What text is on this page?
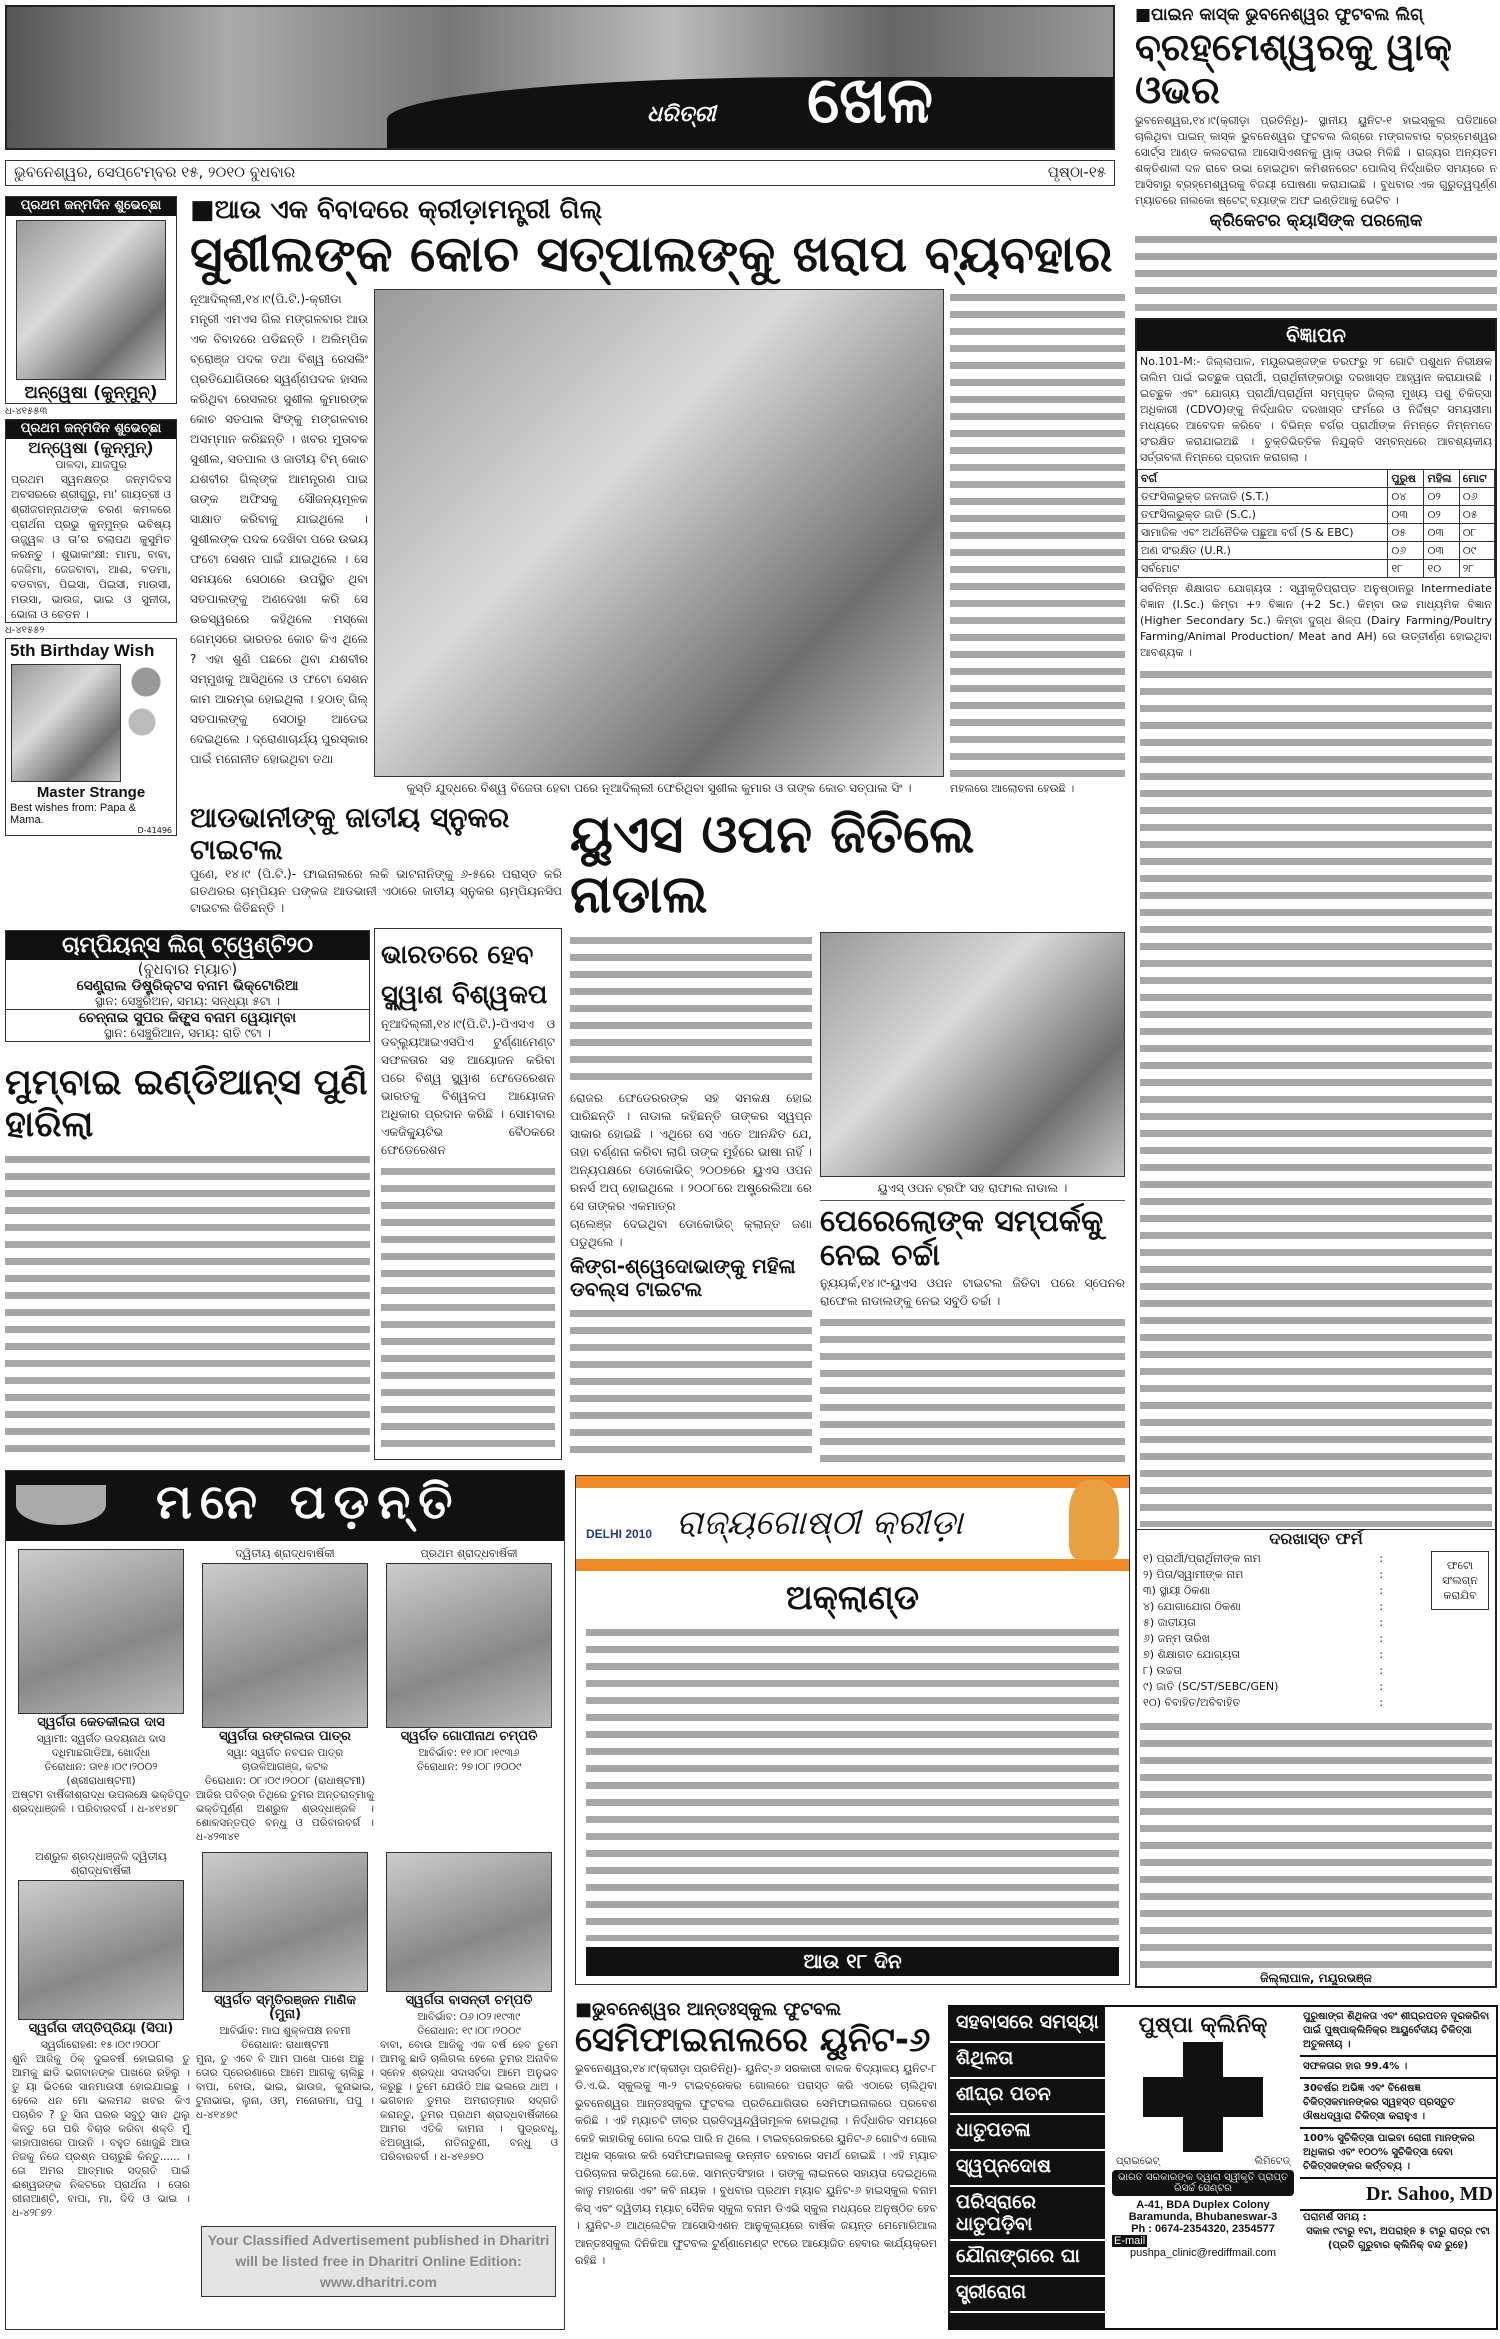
ଧରିତ୍ରୀ ଖେଳ
ଭୁବନେଶ୍ୱର, ସେପ୍ଟେମ୍ବର ୧୫, ୨୦୧୦ ବୁଧବାର	ପୃଷ୍ଠା-୧୫
ପ୍ରଥମ ଜନ୍ମଦିନ ଶୁଭେଚ୍ଛା
ଅନ୍ୱେଷା (କୁନ୍‌ମୁନ୍)
ଧ-୪୧୫୫୩
ପ୍ରଥମ ଜନ୍ମଦିନ ଶୁଭେଚ୍ଛା
ଅନ୍ୱେଷା (କୁନ୍‌ମୁନ୍)
ପାଳଦା, ଯାଜପୁର
ପ୍ରଥମ ସ୍ୱନକ୍ଷତ୍ର ଜନ୍ମଦିବସ ଅବସରରେ ଶ୍ରୀଗୁରୁ, ମା’ ଗାୟତ୍ରୀ ଓ ଶ୍ରୀଜଗନ୍ନାଥଙ୍କ ଚରଣ କମଳରେ ପ୍ରାର୍ଥନା ପ୍ରଭୁ କୁନ୍‌ମୁନ୍‌ର ଭବିଷ୍ୟ ଉଜ୍ଜ୍ୱଳ ଓ ତା’ର ଚଲାପଥ କୁସୁମିତ କରନ୍ତୁ । ଶୁଭାକାଂକ୍ଷୀ: ମାମା, ବାବା, ଜେଜିମା, ଜେଜବାବା, ଆଈ, ବଡମା, ବଡବାବା, ପିଇସା, ପିଇସୀ, ମାଉସୀ, ମଉସା, ଭାଉଜ, ଭାଇ ଓ ସୁନୀତା, ଭୋଳା ଓ ଚେତନ ।
ଧ-୪୧୫୫୨
5th Birthday Wish
Master Strange
Best wishes from: Papa & Mama.
D-41496
■ଆଉ ଏକ ବିବାଦରେ କ୍ରୀଡ଼ାମନ୍ତ୍ରୀ ଗିଲ୍
ସୁଶୀଲଙ୍କ କୋଚ ସତ୍‌ପାଲଙ୍କୁ ଖରାପ ବ୍ୟବହାର
ନୂଆଦିଲ୍ଲୀ,୧୪।୯(ପି.ଟି.)-କ୍ରୀଡା ମନ୍ତ୍ରୀ ଏମଏସ ଗିଲ ମଙ୍ଗଳବାର ଆଉ ଏକ ବିବାଦରେ ପଡିଛନ୍ତି । ଅଲିମ୍ପିକ ବ୍ରୋଞ୍ଜ ପଦକ ତଥା ବିଶ୍ୱ ରେସଲିଂ ପ୍ରତିଯୋଗିତାରେ ସ୍ୱର୍ଣ୍ଣପଦକ ହାସଲ କରିଥିବା ରେସଲର ସୁଶୀଲ କୁମାରଙ୍କ କୋଚ ସତପାଲ ସିଂଙ୍କୁ ମଙ୍ଗଳବାର ଅସମ୍ମାନ କରିଛନ୍ତି । ଖବର ମୁତାବକ ସୁଶୀଲ, ସତପାଲ ଓ ଜାତୀୟ ଟିମ୍ କୋଚ ଯଶବୀର ଗିଲ୍‌ଙ୍କ ଆମନ୍ତ୍ରଣ ପାଇ ତାଙ୍କ ଅଫିସକୁ ସୌଜନ୍ୟମୂଳକ ସାକ୍ଷାତ କରିବାକୁ ଯାଇଥିଲେ । ସୁଶୀଲଙ୍କ ପଦକ ଦେଖିବା ପରେ ଉଭୟ ଫଟୋ ସେଶନ ପାଇଁ ଯାଇଥିଲେ । ସେ ସମୟରେ ସେଠାରେ ଉପସ୍ଥିତ ଥିବା ସତପାଲଙ୍କୁ ଅଣଦେଖା କରି ସେ ଉଚ୍ଚସ୍ୱରରେ କହିଥିଲେ ମସ୍କୋ ଗେମ୍ସରେ ଭାରତର କୋଚ କିଏ ଥିଲେ ? ଏହା ଶୁଣି ପଛରେ ଥିବା ଯଶବୀର ସମ୍ମୁଖକୁ ଆସିଥିଲେ ଓ ଫଟୋ ସେଶନ କାମ ଆରମ୍ଭ ହୋଇଥିଲା । ହଠାତ୍ ଗିଲ୍ ସତପାଲଙ୍କୁ ସେଠାରୁ ଆଡେଇ ଦେଇଥିଲେ । ଦ୍ରୋଣାଚାର୍ଯ୍ୟ ପୁରସ୍କାର ପାଇଁ ମନୋନୀତ ହୋଇଥିବା ତଥା
କୁସ୍ତି ଯୁଦ୍ଧରେ ବିଶ୍ୱ ବିଜେତା ହେବା ପରେ ନୂଆଦିଲ୍ଲୀ ଫେରିଥିବା ସୁଶୀଲ କୁମାର ଓ ତାଙ୍କ କୋଚ ସତ୍‌ପାଲ ସିଂ ।	ମହଲରେ ଆଲୋଚନା ହେଉଛି ।
ଆଡଭାନୀଙ୍କୁ ଜାତୀୟ ସ୍ନୁକର ଟାଇଟଲ
ପୁଣେ, ୧୪।୯ (ପି.ଟି.)- ଫାଇନାଲରେ ଲକି ଭାଟନାନିଙ୍କୁ ୬-୫ରେ ପରାସ୍ତ କରି ଗତଥରର ଚାମ୍ପିୟନ ପଙ୍କଜ ଆଡଭାନୀ ଏଠାରେ ଜାତୀୟ ସ୍ନୁକର ଚାମ୍ପିୟନସିପ ଟାଇଟଲ ଜିତିଛନ୍ତି ।
ୟୁଏସ ଓପନ ଜିତିଲେ ନାଡାଲ
ରୋଜର ଫେଡେରରଙ୍କ ସହ ସମକକ୍ଷ ହୋଇ ପାରିଛନ୍ତି । ନାଡାଲ କହିଛନ୍ତି ତାଙ୍କର ସ୍ୱପ୍ନ ସାକାର ହୋଇଛି । ଏଥିରେ ସେ ଏତେ ଆନନ୍ଦିତ ଯେ, ତାହା ବର୍ଣ୍ଣନା କରିବା ଲାଗି ତାଙ୍କ ମୁହଁରେ ଭାଷା ନାହିଁ । ଅନ୍ୟପକ୍ଷରେ ଡୋକୋଭିଚ୍ ୨୦୦୭ରେ ୟୁଏସ ଓପନ ରନର୍ସ ଅପ୍ ହୋଇଥିଲେ । ୨୦୦୮ରେ ଅଷ୍ଟ୍ରେଲିଆ ରେ ସେ ତାଙ୍କର ଏକମାତ୍ର
ଚାଲେଞ୍ଜ ଦେଇଥିବା ଡୋକୋଭିଚ୍ କ୍ଲାନ୍ତ ଜଣା ପଡୁଥିଲେ ।
କିଙ୍ଗ-ଶ୍ୱେଦୋଭାଙ୍କୁ ମହିଳା ଡବଲ୍ସ ଟାଇଟଲ
ୟୁଏସ୍ ଓପନ ଟ୍ରଫି ସହ ରାଫାଲ ନାଡାଲ ।
ପେରେଲୋଙ୍କ ସମ୍ପର୍କକୁ ନେଇ ଚର୍ଚ୍ଚା
ନ୍ୟୁୟର୍କ,୧୪।୯-ୟୁଏସ ଓପନ ଟାଇଟଲ ଜିତିବା ପରେ ସ୍ପେନର ରାଫେଲ ନାଡାଲଙ୍କୁ ନେଇ ସବୁଠି ଚର୍ଚ୍ଚା ।
ଚାମ୍ପିୟନ୍ସ ଲିଗ୍ ଟ୍ୱେଣ୍ଟି୨୦
(ବୁଧବାର ମ୍ୟାଚ)
ସେଣ୍ଟ୍ରାଲ ଡିଷ୍ଟ୍ରିକ୍ଟସ ବନାମ ଭିକ୍ଟୋରିଆ
ସ୍ଥାନ: ସେଞ୍ଚୁରିଅନ, ସମୟ: ସନ୍ଧ୍ୟା ୫ଟା ।
ଚେନ୍ନାଇ ସୁପର କିଙ୍ଗ୍ସ ବନାମ ୱେୟାମ୍ବା
ସ୍ଥାନ: ସେଞ୍ଚୁରିଆନ, ସମୟ: ରାତି ୯ଟା ।
ମୁମ୍ବାଇ ଇଣ୍ଡିଆନ୍ସ ପୁଣି ହାରିଲା
ଭାରତରେ ହେବ ସ୍କ୍ୱାଶ ବିଶ୍ୱକପ
ନୂଆଦିଲ୍ଲୀ,୧୪।୯(ପି.ଟି.)-ପିଏସଏ ଓ ଡବ୍ଲ୍ୟୁଆଇଏସପିଏ ଟୁର୍ଣ୍ଣାମେଣ୍ଟ ସଫଳତାର ସହ ଆୟୋଜନ କରିବା ପରେ ବିଶ୍ୱ ସ୍କ୍ୱାଶ ଫେଡେରେଶନ ଭାରତକୁ ବିଶ୍ୱକପ ଆୟୋଜନ ଅଧିକାର ପ୍ରଦାନ କରିଛି । ସୋମବାର ଏକଜିକ୍ୟୁଟିଭ ବୈଠକରେ ଫେଡେରେଶନ
■ପାଇନ କାସ୍କ ଭୁବନେଶ୍ୱର ଫୁଟବଲ ଲିଗ୍
ବ୍ରହ୍ମେଶ୍ୱରକୁ ୱାକ୍ ଓଭର
ଭୁବନେଶ୍ୱର,୧୪।୯(କ୍ରୀଡ଼ା ପ୍ରତିନିଧି)- ସ୍ଥାନୀୟ ୟୁନିଟ-୧ ହାଇସ୍କୁଲ ପଡିଆରେ ଚାଲିଥିବା ପାଇନ୍ କାସ୍କ ଭୁବନେଶ୍ୱର ଫୁଟବଲ ଲିଗ୍‌ରେ ମଙ୍ଗଳବାର ବ୍ରହ୍ମେଶ୍ୱର ସୋର୍ଟ୍ସ ଆଣ୍ଡ କଲଚରାଲ ଆସୋସିଏଶନକୁ ୱାକ୍ ଓଭର ମିଳିଛି । ରାଜ୍ୟର ଅନ୍ୟତମ ଶକ୍ତିଶାଳୀ ଦଳ ରାବେ ଉଭା ହୋଇଥିବା କମିଶନରେଟ ପୋଲିସ୍ ନିର୍ଦ୍ଧାରିତ ସମୟରେ ନ ଆସିବାରୁ ବ୍ରହ୍ମେଶ୍ୱରକୁ ବିଜୟୀ ଘୋଷଣା କରାଯାଇଛି । ବୁଧବାର ଏକ ଗୁରୁତ୍ୱପୂର୍ଣ୍ଣ ମ୍ୟାଚରେ ନାଲକୋ ଷ୍ଟେଟ୍ ବ୍ୟାଙ୍କ ଅଫ ଇଣ୍ଡିଆକୁ ଭେଟିବ ।
କ୍ରିକେଟର କ୍ୟାସିଙ୍କ ପରଲୋକ
ବିଜ୍ଞାପନ
No.101-M:- ଜିଲ୍ଲାପାଳ, ମୟୂରଭଞ୍ଜଙ୍କ ତରଫରୁ ୨୮ ଗୋଟି ପଶୁଧନ ନିରୀକ୍ଷକ ତାଲିମ ପାଇଁ ଇଚ୍ଛୁକ ପ୍ରାର୍ଥୀ, ପ୍ରାର୍ଥିନୀଙ୍କଠାରୁ ଦରଖାସ୍ତ ଆହ୍ୱାନ କରାଯାଉଛି । ଇଚ୍ଛୁକ ଏବଂ ଯୋଗ୍ୟ ପ୍ରାର୍ଥୀ/ପ୍ରାର୍ଥିନୀ ସମ୍ପୃକ୍ତ ଜିଲ୍ଲା ମୁଖ୍ୟ ପଶୁ ଚିକିତ୍ସା ଅଧିକାରୀ (CDVO)ଙ୍କୁ ନିର୍ଦ୍ଧାରିତ ଦରଖାସ୍ତ ଫର୍ମରେ ଓ ନିର୍ଦ୍ଦିଷ୍ଟ ସମୟସୀମା ମଧ୍ୟରେ ଆବେଦନ କରିବେ । ବିଭିନ୍ନ ବର୍ଗର ପ୍ରାର୍ଥୀଙ୍କ ନିମନ୍ତେ ନିମ୍ନମତେ ସଂରକ୍ଷିତ କରାଯାଇଅଛି । ଚୁକ୍ତିଭିତ୍ତିକ ନିଯୁକ୍ତି ସମ୍ବନ୍ଧରେ ଆବଶ୍ୟକୀୟ ସର୍ତ୍ତାବଳୀ ନିମ୍ନରେ ପ୍ରଦାନ କରାଗଲା ।
ବର୍ଗ	ପୁରୁଷ	ମହିଳା	ମୋଟ
ତଫସିଲଭୁକ୍ତ ଜନଜାତି (S.T.)	୦୪	୦୨	୦୬
ତଫସିଲଭୁକ୍ତ ଜାତି (S.C.)	୦୩	୦୨	୦୫
ସାମାଜିକ ଏବଂ ଅର୍ଥନୈତିକ ପଛୁଆ ବର୍ଗ (S & EBC)	୦୫	୦୩	୦୮
ଅଣ ସଂରକ୍ଷିତ (U.R.)	୦୬	୦୩	୦୯
ସର୍ବମୋଟ	୧୮	୧୦	୨୮
ସର୍ବନିମ୍ନ ଶିକ୍ଷାଗତ ଯୋଗ୍ୟତା : ସ୍ୱୀକୃତିପ୍ରାପ୍ତ ଅନୁଷ୍ଠାନରୁ Intermediate ବିଜ୍ଞାନ (I.Sc.) କିମ୍ବା +୨ ବିଜ୍ଞାନ (+2 Sc.) କିମ୍ବା ଉଚ୍ଚ ମାଧ୍ୟମିକ ବିଜ୍ଞାନ (Higher Secondary Sc.) କିମ୍ବା ଦୁଗ୍ଧ ଶିଳ୍ପ (Dairy Farming/Poultry Farming/Animal Production/ Meat and AH) ରେ ଉତ୍ତୀର୍ଣ୍ଣ ହୋଇଥିବା ଆବଶ୍ୟକ ।
ଦରଖାସ୍ତ ଫର୍ମ
୧) ପ୍ରାର୍ଥୀ/ପ୍ରାର୍ଥିନୀଙ୍କ ନାମ	:
୨) ପିତା/ସ୍ୱାମୀଙ୍କ ନାମ	:
୩) ସ୍ଥାୟୀ ଠିକଣା	:
୪) ଯୋଗାଯୋଗ ଠିକଣା	:
୫) ଜାତୀୟତା	:
୬) ଜନ୍ମ ତାରିଖ	:
୭) ଶିକ୍ଷାଗତ ଯୋଗ୍ୟତା	:
୮) ଉଚ୍ଚତା	:
୯) ଜାତି (SC/ST/SEBC/GEN)	:
୧୦) ବିବାହିତ/ଅବିବାହିତ	:
ଫଟୋ ସଂଲଗ୍ନ କରାଯିବ
ଜିଲ୍ଲାପାଳ, ମୟୂରଭଞ୍ଜ
ମନେ ପଡ଼ନ୍ତି
ସ୍ୱର୍ଗତା କେତକୀଲତା ଦାସ
ସ୍ୱାମୀ: ସ୍ୱର୍ଗତ ଉଦୟନାଥ ଦାସ
ଦଧିମାଛଗାଡିଆ, ଖୋର୍ଦ୍ଧା
ତିରୋଧାନ: ତା୧୫।୦୯।୨୦୦୨
(ଶ୍ରୀରାଧାଷ୍ଟମୀ)
ଅଷ୍ଟମ ବାର୍ଷିକୀଶ୍ରାଦ୍ଧ ଉପଲକ୍ଷେ ଭକ୍ତିପୂତ ଶ୍ରଦ୍ଧାଞ୍ଜଳି । ପରିବାରବର୍ଗ । ଧ-୪୧୪୭୮
ଦ୍ୱିତୀୟ ଶ୍ରାଦ୍ଧବାର୍ଷିକୀ
ସ୍ୱର୍ଗତା ରଙ୍ଗଲତା ପାତ୍ର
ସ୍ୱା: ସ୍ୱର୍ଗତ ନବଘନ ପାତ୍ର
ଚାଉଳିଆଗଞ୍ଜ, କଟକ
ତିରୋଧାନ: ୦୮।୦୯।୨୦୦୮ (ରାଧାଷ୍ଟମୀ)
ଆଜିର ପବିତ୍ର ତିଥିରେ ତୁମର ଅନ୍ତରାତ୍ମାକୁ ଭକ୍ତିପୂର୍ଣ୍ଣ ଅଶ୍ରୁଳ ଶ୍ରଦ୍ଧାଞ୍ଜଳି । ଶୋକସନ୍ତପ୍ତ ବନ୍ଧୁ ଓ ପରିବାରବର୍ଗ । ଧ-୪୨୩୪୧
ପ୍ରଥମ ଶ୍ରାଦ୍ଧବାର୍ଷିକୀ
ସ୍ୱର୍ଗତ ଗୋପୀନାଥ ଚମ୍ପତି
ଆବିର୍ଭାବ: ୧୧।୦୮।୧୯୩୬
ତିରୋଧାନ: ୨୭।୦୮।୨୦୦୯
ଅଶ୍ରୁଳ ଶ୍ରଦ୍ଧାଞ୍ଜଳି ଦ୍ୱିତୀୟ ଶ୍ରାଦ୍ଧବାର୍ଷିକୀ
ସ୍ୱର୍ଗତା ଦୀପ୍ତିପ୍ରିୟା (ସିପା)
ସ୍ୱର୍ଗାରୋହଣ: ୧୫।୦୯।୨୦୦୮
ଶୁନି ଆଜିକୁ ଠିକ୍ ଦୁଇବର୍ଷ ହୋଇଗଲା ତୁ ଆମକୁ ଛାଡି ଭଗବାନଙ୍କ ପାଖରେ ରହିଲୁ । ତୁ ୟା ଭିତରେ ସାନମାଉସୀ ହୋଇଯାଇଛୁ । ହେଲେ ଧନ ମୋ ଭଲମନ୍ଦ ଖବର କିଏ ପଚାରିବ ? ତୁ ସିନା ଘରର ସବୁଠୁ ସାନ ଥିଲୁ କିନ୍ତୁ ତୋ ପରି ବିଚାର କରିବା ଶକ୍ତି ମୁଁ କାହାପାଖରେ ପାଉନି । ବହୁତ ଖୋଜୁଛି ଆଉ ନିଜକୁ ନିଜେ ପ୍ରଶ୍ନ ପଚାରୁଛି କିନ୍ତୁ...... । ତୋ ଅମର ଆତ୍ମାର ସଦ୍‌ଗତି ପାଇଁ ଈଶ୍ୱରଙ୍କ ନିକଟରେ ପ୍ରାର୍ଥନା । ତୋର ରୀନାଆଣ୍ଟି, ବାପା, ମା, ଦିଦି ଓ ଭାଇ । ଧ-୪୨୮୭୨
ସ୍ୱର୍ଗତ ସ୍ମୃତିରଞ୍ଜନ ମାଣିକ (ମୁନା)
ଆବିର୍ଭାବ: ମାଘ ଶୁକ୍ଳପକ୍ଷ ନବମୀ
ତିରୋଧାନ: ରାଧାଷ୍ଟମୀ
ମୁନା, ତୁ ଏବେ ବି ଆମ ପାଖେ ପାଖେ ଅଛୁ । ତୋର ପ୍ରେରଣାରେ ଆମେ ଆଗକୁ ଚାଲିଛୁ । ବାପା, ବୋଉ, ଭାଇ, ଭାଉଜ, କୁନାଭାଇ, ଟୁନାଭାଇ, ଲୁନା, ଓମ୍, ମନୋରମା, ପପୁ । ଧ-୪୧୪୭୯
ସ୍ୱର୍ଗତା ବାସନ୍ତୀ ଚମ୍ପତି
ଆବିର୍ଭାବ: ୦୬।୦୨।୧୯୩୯
ତିରୋଧାନ: ୧୯।୦୮।୨୦୦୯
ବାବା, ବୋଉ ଆଜିକୁ ଏକ ବର୍ଷ ହେବ ତୁମେ ଆମକୁ ଛାଡି ଚାଲିଗଲ ହେଲେ ତୁମର ଅନାବିଳ ସ୍ନେହ ଶ୍ରଦ୍ଧା ସଦାସର୍ବଦା ଆମେ ଅନୁଭବ କରୁଛୁ । ତୁମେ ଯେଉଁଠି ଅଛ ଭଲରେ ଥାଅ । ଭଗବାନ ତୁମର ଅମରାତ୍ମାର ସଦ୍‌ଗତି କରାନ୍ତୁ, ତୁମର ପ୍ରଥମ ଶ୍ରାଦ୍ଧବାର୍ଷିକୀରେ ଆମର ଏତିକି କାମନା । ପୁତ୍ରବଧୂ, ଝିଅଜ୍ୱାଇଁ, ନାତିନାତୁଣୀ, ବନ୍ଧୁ ଓ ପରିବାରବର୍ଗ । ଧ-୪୧୬୭୦
Your Classified Advertisement published in Dharitri will be listed free in Dharitri Online Edition: www.dharitri.com
DELHI 2010 ରାଜ୍ୟଗୋଷ୍ଠୀ କ୍ରୀଡ଼ା
ଅକ୍ଲାଣ୍ଡ
ଆଉ ୧୮ ଦିନ
■ଭୁବନେଶ୍ୱର ଆନ୍ତଃସ୍କୁଲ ଫୁଟବଲ
ସେମିଫାଇନାଲରେ ୟୁନିଟ-୬
ଭୁବନେଶ୍ୱର,୧୪।୯(କ୍ରୀଡ଼ା ପ୍ରତିନିଧି)- ୟୁନିଟ୍-୬ ସରକାରୀ ବାଳକ ବିଦ୍ୟାଳୟ ୟୁନିଟ-୮ ଡି.ଏ.ଭି. ସ୍କୁଲକୁ ୩-୨ ଟାଇବ୍ରେକର ଗୋଲରେ ପରାସ୍ତ କରି ଏଠାରେ ଚାଲିଥିବା ଭୁବନେଶ୍ୱର ଆନ୍ତଃସ୍କୁଲ ଫୁଟବଲ ପ୍ରତିଯୋଗିତାର ସେମିଫାଇନାଲରେ ପ୍ରବେଶ କରିଛି । ଏହି ମ୍ୟାଚଟି ତୀବ୍ର ପ୍ରତିଦ୍ୱନ୍ଦ୍ୱିତାମୂଳକ ହୋଇଥିଲା । ନିର୍ଦ୍ଧାରିତ ସମୟରେ କେହି କାହାରିକୁ ଗୋଲ ଦେଇ ପାରି ନ ଥିଲେ । ଟାଇବ୍ରେକରରେ ୟୁନିଟ-୬ ଗୋଟିଏ ଗୋଲ ଅଧିକ ସ୍କୋର କରି ସେମିଫାଇନାଲକୁ ଉନ୍ନୀତ ହେବାରେ ସମର୍ଥ ହୋଇଛି । ଏହି ମ୍ୟାଚ ପରିଚାଳନା କରିଥିଲେ ଜେ.କେ. ସାମନ୍ତସିଂହାର । ତାଙ୍କୁ ଲାଇନରେ ସହାୟତା ଦେଇଥିଲେ କାଳୁ ମହାରଣା ଏବଂ କବି ନାୟକ । ବୁଧବାର ପ୍ରଥମ ମ୍ୟାଚ ୟୁନିଟ-୬ ହାଇସ୍କୁଲ ବନାମ କିସ୍ ଏବଂ ଦ୍ୱିତୀୟ ମ୍ୟାଚ୍ ସୈନିକ ସ୍କୁଲ ବନାମ ଡିଏଭି ସ୍କୁଲ ମଧ୍ୟରେ ଅନୁଷ୍ଠିତ ହେବ । ୟୁନିଟ-୬ ଆଥ୍ଲେଟିକ ଆସୋସିଏଶନ ଆନୁକୂଲ୍ୟରେ ବାର୍ଷିକ ଜୟନ୍ତ ମେମୋରିଆଲ ଆନ୍ତଃସ୍କୁଲ ଦିନିକିଆ ଫୁଟବଲ ଟୁର୍ଣ୍ଣାମେଣ୍ଟ ୧୯ରେ ଆୟୋଜିତ ହେବାର କାର୍ଯ୍ୟକ୍ରମ ରହିଛି ।
ସହବାସରେ ସମସ୍ୟା
ଶିଥିଳତା
ଶୀଘ୍ର ପତନ
ଧାତୁପତଳା
ସ୍ୱପ୍ନଦୋଷ
ପରିସ୍ରାରେ ଧାତୁପଡ଼ିବା
ଯୌନାଙ୍ଗରେ ଘା
ସ୍ତ୍ରୀରୋଗ
ପୁଷ୍ପା କ୍ଲିନିକ୍
ପ୍ରାଇଭେଟ୍	ଲିମିଟେଡ୍
ଭାରତ ସରକାରଙ୍କ ଦ୍ୱାରା ସ୍ୱୀକୃତି ପ୍ରାପ୍ତ ରିସର୍ଚ୍ଚ ସେଣ୍ଟର
A-41, BDA Duplex Colony
Baramunda, Bhubaneswar-3
Ph : 0674-2354320, 2354577
E-mail
pushpa_clinic@rediffmail.com
ପୁରୁଷାଙ୍ଗ ଶିଥିଳତା ଏବଂ ଶୀଘ୍ରପତନ ଦୂରକରିବା ପାଇଁ ପୁଷ୍ପାକ୍ଲିନିକ୍‌ର ଆୟୁର୍ବେଦୀୟ ଚିକିତ୍ସା ଅତୁଳନୀୟ ।
ସଫଳତାର ହାର 99.4% ।
30ବର୍ଷର ଅଭିଜ୍ଞ ଏବଂ ବିଶେଷଜ୍ଞ ଚିକିତ୍ସକମାନଙ୍କର ସ୍ୱହସ୍ତ ପ୍ରସ୍ତୁତ ଔଷଧଦ୍ୱାରା ଚିକିତ୍ସା କରାହୁଏ ।
100% ସୁଚିକିତ୍ସା ପାଇବା ରୋଗୀ ମାନଙ୍କର ଅଧିକାର ଏବଂ ୧୦୦% ସୁଚିକିତ୍ସା ଦେବା ଚିକିତ୍ସକଙ୍କର କର୍ତ୍ତବ୍ୟ ।
Dr. Sahoo, MD
ପରାମର୍ଶ ସମୟ :
ସକାଳ ୯ଟାରୁ ୧ଟା, ଅପରାହ୍ନ ୫ ଟାରୁ ରାତ୍ର ୯ଟା (ପ୍ରତି ଗୁରୁବାର କ୍ଲିନିକ୍ ବନ୍ଦ ରୁହେ)
